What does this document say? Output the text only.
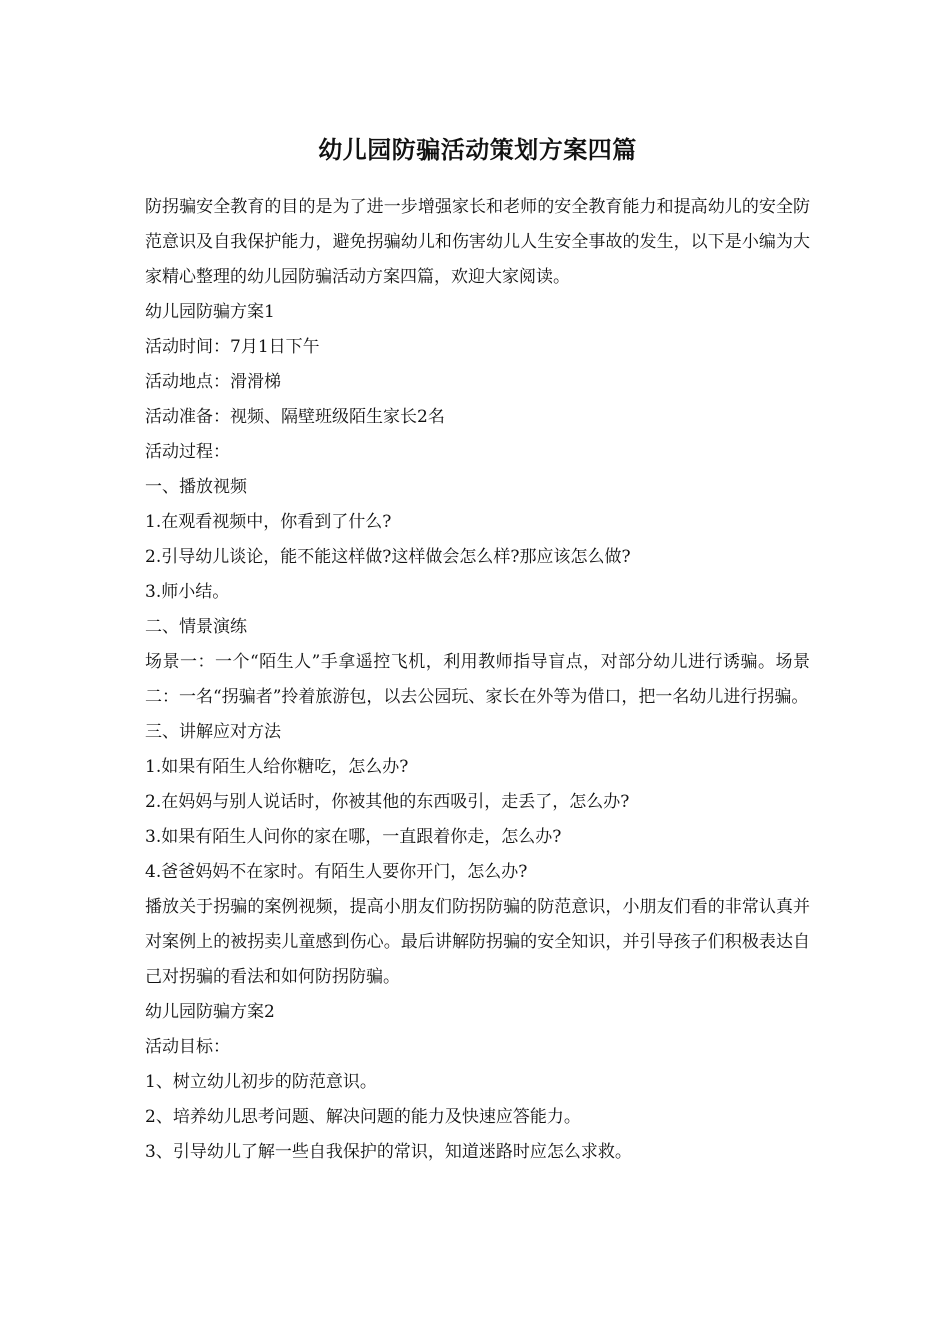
幼儿园防骗活动策划方案四篇

防拐骗安全教育的目的是为了进一步增强家长和老师的安全教育能力和提高幼儿的安全防范意识及自我保护能力，避免拐骗幼儿和伤害幼儿人生安全事故的发生，以下是小编为大家精心整理的幼儿园防骗活动方案四篇，欢迎大家阅读。

幼儿园防骗方案1

活动时间：7月1日下午

活动地点：滑滑梯

活动准备：视频、隔壁班级陌生家长2名

活动过程：

一、播放视频

1.在观看视频中，你看到了什么?

2.引导幼儿谈论，能不能这样做?这样做会怎么样?那应该怎么做?

3.师小结。

二、情景演练

场景一：一个“陌生人”手拿遥控飞机，利用教师指导盲点，对部分幼儿进行诱骗。场景二：一名“拐骗者”拎着旅游包，以去公园玩、家长在外等为借口，把一名幼儿进行拐骗。

三、讲解应对方法

1.如果有陌生人给你糖吃，怎么办?

2.在妈妈与别人说话时，你被其他的东西吸引，走丢了，怎么办?

3.如果有陌生人问你的家在哪，一直跟着你走，怎么办?

4.爸爸妈妈不在家时。有陌生人要你开门，怎么办?

播放关于拐骗的案例视频，提高小朋友们防拐防骗的防范意识，小朋友们看的非常认真并对案例上的被拐卖儿童感到伤心。最后讲解防拐骗的安全知识，并引导孩子们积极表达自己对拐骗的看法和如何防拐防骗。

幼儿园防骗方案2

活动目标：

1、树立幼儿初步的防范意识。

2、培养幼儿思考问题、解决问题的能力及快速应答能力。

3、引导幼儿了解一些自我保护的常识，知道迷路时应怎么求救。
